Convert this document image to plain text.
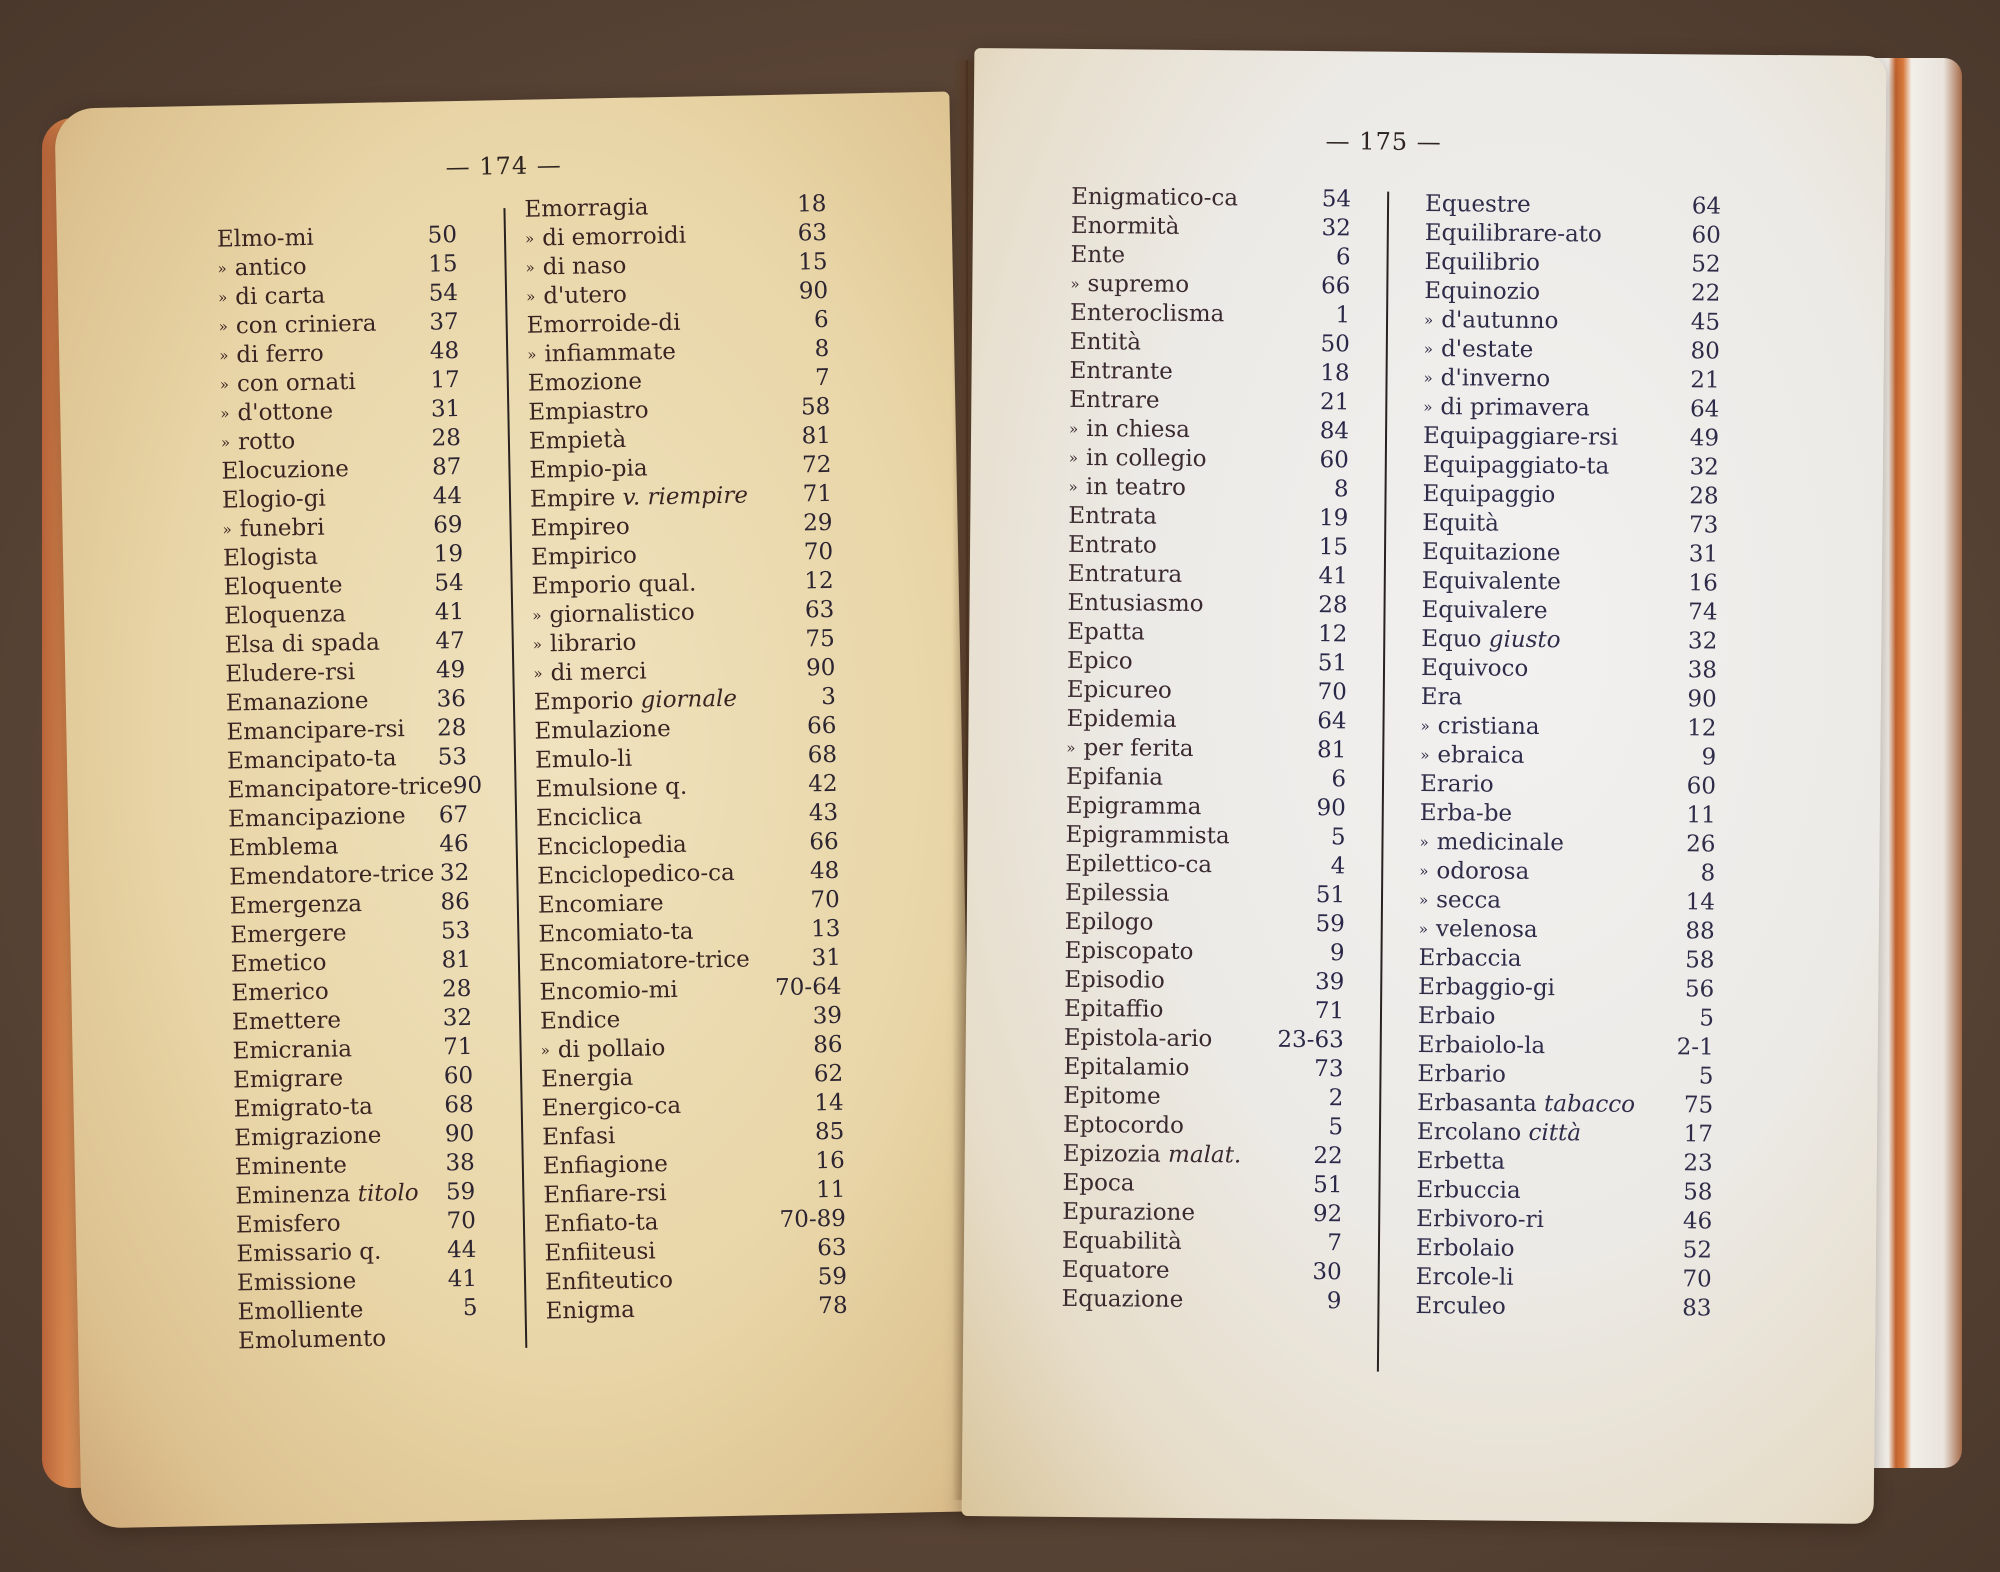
— 174 —
Elmo-mi	50
» antico	15
» di carta	54
» con criniera 37
» di ferro	48
» con ornati	17
» d'ottone	31
» rotto	28
Elocuzione	87
Elogio-gi	44
» funebri	69
Elogista	19
Eloquente	54
Eloquenza	41
Elsa di spada 47
Eludere-rsi	49
Emanazione	36
Emancipare-rsi 28
Emancipato-ta 53
Emancipatore-trice 90
Emancipazione 67
Emblema	46
Emendatore-trice 32
Emergenza	86
Emergere	53
Emetico	81
Emerico	28
Emettere	32
Emicrania	71
Emigrare	60
Emigrato-ta	68
Emigrazione	90
Eminente	38
Eminenza titolo 59
Emisfero	70
Emissario q.	44
Emissione	41
Emolliente	5
Emolumento
Emorragia	18
» di emorroidi	63
» di naso	15
» d'utero	90
Emorroide-di	6
» infiammate	8
Emozione	7
Empiastro	58
Empietà	81
Empio-pia	72
Empire v. riempire 71
Empireo	29
Empirico	70
Emporio qual.	12
» giornalistico	63
» librario	75
» di merci	90
Emporio giornale	3
Emulazione	66
Emulo-li	68
Emulsione q.	42
Enciclica	43
Enciclopedia	66
Enciclopedico-ca	48
Encomiare	70
Encomiato-ta	13
Encomiatore-trice	31
Encomio-mi	70-64
Endice	39
» di pollaio	86
Energia	62
Energico-ca	14
Enfasi	85
Enfiagione	16
Enfiare-rsi	11
Enfiato-ta	70-89
Enfiiteusi	63
Enfiteutico	59
Enigma	78
— 175 —
Enigmatico-ca	54
Enormità	32
Ente	6
» supremo	66
Enteroclisma	1
Entità	50
Entrante	18
Entrare	21
» in chiesa	84
» in collegio	60
» in teatro	8
Entrata	19
Entrato	15
Entratura	41
Entusiasmo	28
Epatta	12
Epico	51
Epicureo	70
Epidemia	64
» per ferita	81
Epifania	6
Epigramma	90
Epigrammista	5
Epilettico-ca	4
Epilessia	51
Epilogo	59
Episcopato	9
Episodio	39
Epitaffio	71
Epistola-ario	23-63
Epitalamio	73
Epitome	2
Eptocordo	5
Epizozia malat.	22
Epoca	51
Epurazione	92
Equabilità	7
Equatore	30
Equazione	9
Equestre	64
Equilibrare-ato	60
Equilibrio	52
Equinozio	22
» d'autunno	45
» d'estate	80
» d'inverno	21
» di primavera	64
Equipaggiare-rsi	49
Equipaggiato-ta	32
Equipaggio	28
Equità	73
Equitazione	31
Equivalente	16
Equivalere	74
Equo giusto	32
Equivoco	38
Era	90
» cristiana	12
» ebraica	9
Erario	60
Erba-be	11
» medicinale	26
» odorosa	8
» secca	14
» velenosa	88
Erbaccia	58
Erbaggio-gi	56
Erbaio	5
Erbaiolo-la	2-1
Erbario	5
Erbasanta tabacco 75
Ercolano città	17
Erbetta	23
Erbuccia	58
Erbivoro-ri	46
Erbolaio	52
Ercole-li	70
Erculeo	83
